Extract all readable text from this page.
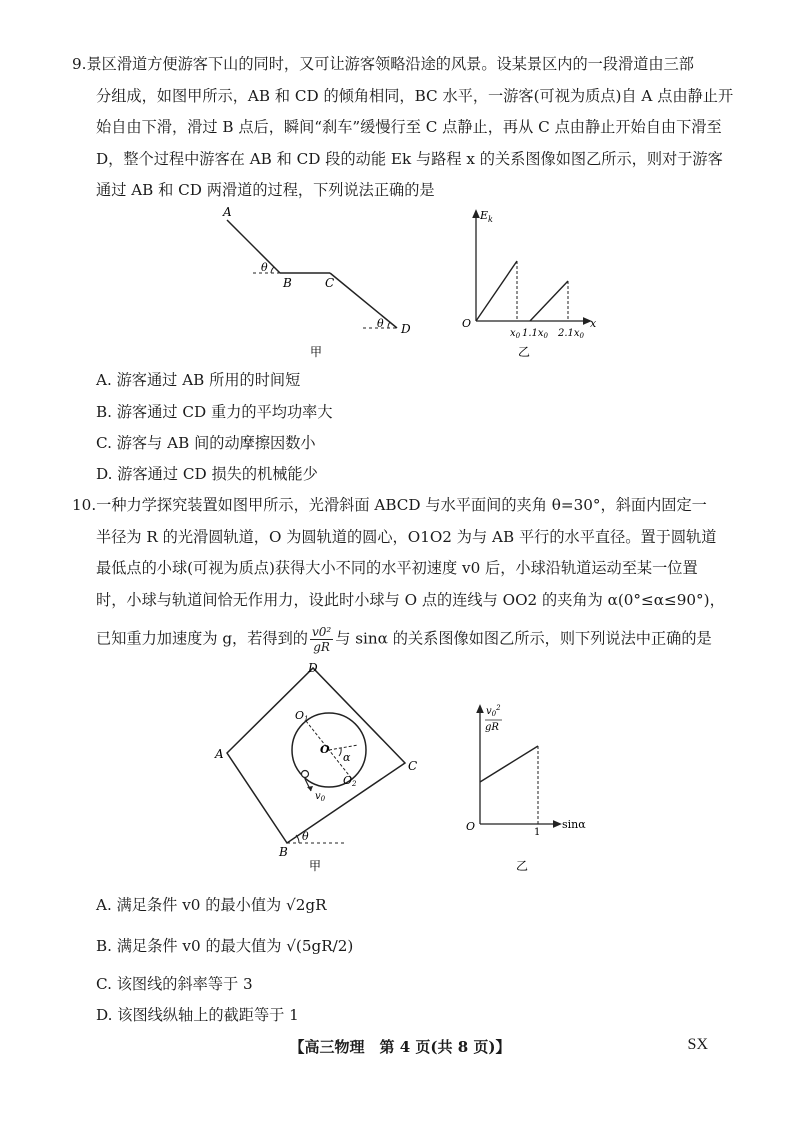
9.景区滑道方便游客下山的同时，又可让游客领略沿途的风景。设某景区内的一段滑道由三部
分组成，如图甲所示，AB 和 CD 的倾角相同，BC 水平，一游客(可视为质点)自 A 点由静止开
始自由下滑，滑过 B 点后，瞬间“刹车”缓慢行至 C 点静止，再从 C 点由静止开始自由下滑至
D，整个过程中游客在 AB 和 CD 段的动能 Ek 与路程 x 的关系图像如图乙所示，则对于游客
通过 AB 和 CD 两滑道的过程，下列说法正确的是
A
B	C
D
θ
θ
甲
$E_k$
x
O
$x_0$ $1.1x_0$ $2.1x_0$
乙
A. 游客通过 AB 所用的时间短
B. 游客通过 CD 重力的平均功率大
C. 游客与 AB 间的动摩擦因数小
D. 游客通过 CD 损失的机械能少
10.一种力学探究装置如图甲所示，光滑斜面 ABCD 与水平面间的夹角 θ=30°，斜面内固定一
半径为 R 的光滑圆轨道，O 为圆轨道的圆心，O1O2 为与 AB 平行的水平直径。置于圆轨道
最低点的小球(可视为质点)获得大小不同的水平初速度 v0 后，小球沿轨道运动至某一位置
时，小球与轨道间恰无作用力，设此时小球与 O 点的连线与 OO2 的夹角为 α(0°≤α≤90°)，
已知重力加速度为 g，若得到的 $\frac{\text{v0²}}{gR}$ 与 sinα 的关系图像如图乙所示，则下列说法中正确的是
A
B
C
D
O
O1
O2
α
$v_0$
θ
甲
$v_0^2$
gR
sinα
O	1
乙
A. 满足条件 v0 的最小值为 √2gR
B. 满足条件 v0 的最大值为 √(5gR/2)
C. 该图线的斜率等于 3
D. 该图线纵轴上的截距等于 1
【高三物理　第 4 页(共 8 页)】	SX
